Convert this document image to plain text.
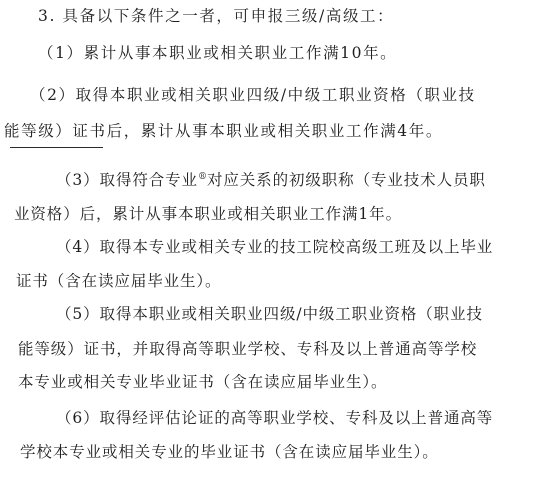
3. 具备以下条件之一者，可申报三级/高级工：
（1）累计从事本职业或相关职业工作满10年。
（2）取得本职业或相关职业四级/中级工职业资格（职业技
能等级）证书后，累计从事本职业或相关职业工作满4年。
（3）取得符合专业®对应关系的初级职称（专业技术人员职
业资格）后，累计从事本职业或相关职业工作满1年。
（4）取得本专业或相关专业的技工院校高级工班及以上毕业
证书（含在读应届毕业生）。
（5）取得本职业或相关职业四级/中级工职业资格（职业技
能等级）证书，并取得高等职业学校、专科及以上普通高等学校
本专业或相关专业毕业证书（含在读应届毕业生）。
（6）取得经评估论证的高等职业学校、专科及以上普通高等
学校本专业或相关专业的毕业证书（含在读应届毕业生）。
